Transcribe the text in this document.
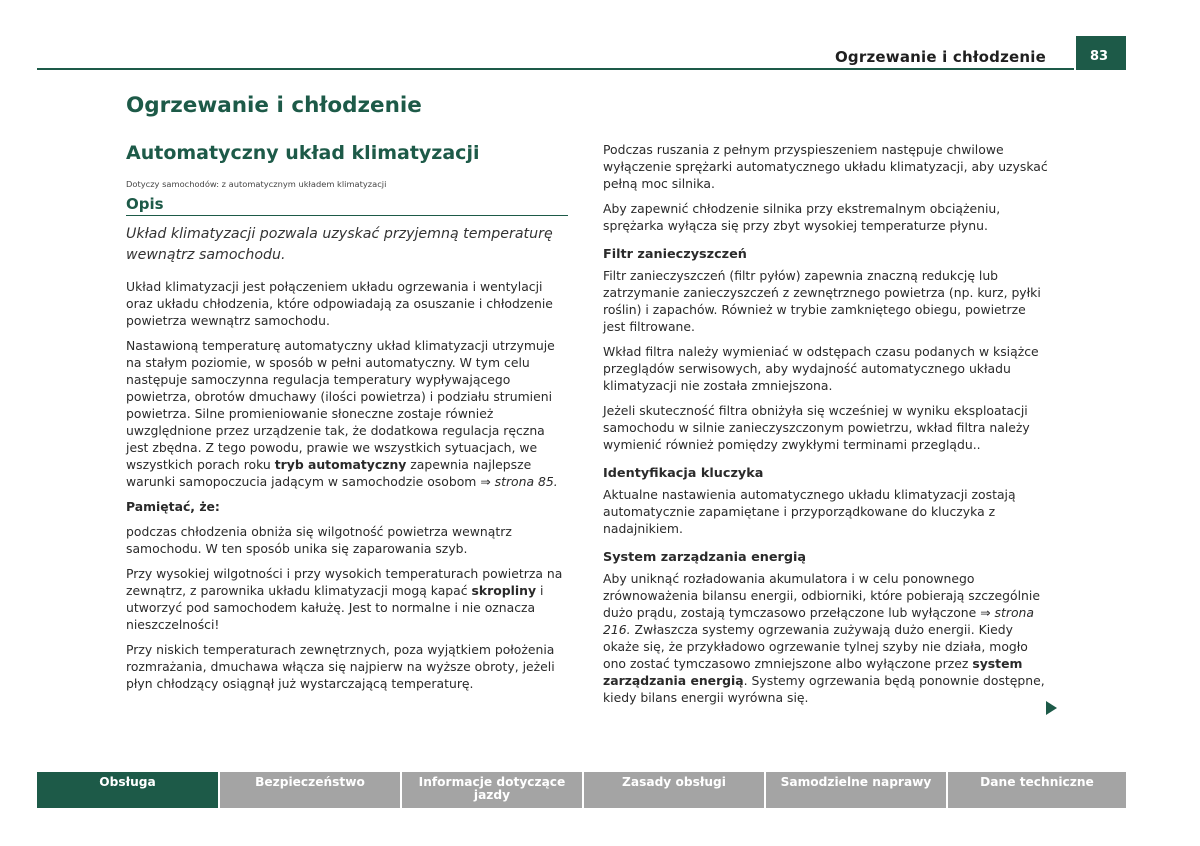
Ogrzewanie i chłodzenie	83
Ogrzewanie i chłodzenie
Automatyczny układ klimatyzacji
Dotyczy samochodów: z automatycznym układem klimatyzacji
Opis

Układ klimatyzacji pozwala uzyskać przyjemną temperaturę wewnątrz samochodu.

Układ klimatyzacji jest połączeniem układu ogrzewania i wentylacji oraz układu chłodzenia, które odpowiadają za osuszanie i chłodzenie powietrza wewnątrz samochodu.

Nastawioną temperaturę automatyczny układ klimatyzacji utrzymuje na stałym poziomie, w sposób w pełni automatyczny. W tym celu następuje samoczynna regulacja temperatury wypływającego powietrza, obrotów dmuchawy (ilości powietrza) i podziału strumieni powietrza. Silne promieniowanie słoneczne zostaje również uwzględnione przez urządzenie tak, że dodatkowa regulacja ręczna jest zbędna. Z tego powodu, prawie we wszystkich sytuacjach, we wszystkich porach roku tryb automatyczny zapewnia najlepsze warunki samopoczucia jadącym w samochodzie osobom ⇒ strona 85.

Pamiętać, że:

podczas chłodzenia obniża się wilgotność powietrza wewnątrz samochodu. W ten sposób unika się zaparowania szyb.

Przy wysokiej wilgotności i przy wysokich temperaturach powietrza na zewnątrz, z parownika układu klimatyzacji mogą kapać skropliny i utworzyć pod samochodem kałużę. Jest to normalne i nie oznacza nieszczelności!

Przy niskich temperaturach zewnętrznych, poza wyjątkiem położenia rozmrażania, dmuchawa włącza się najpierw na wyższe obroty, jeżeli płyn chłodzący osiągnął już wystarczającą temperaturę.

Podczas ruszania z pełnym przyspieszeniem następuje chwilowe wyłączenie sprężarki automatycznego układu klimatyzacji, aby uzyskać pełną moc silnika.

Aby zapewnić chłodzenie silnika przy ekstremalnym obciążeniu, sprężarka wyłącza się przy zbyt wysokiej temperaturze płynu.

Filtr zanieczyszczeń

Filtr zanieczyszczeń (filtr pyłów) zapewnia znaczną redukcję lub zatrzymanie zanieczyszczeń z zewnętrznego powietrza (np. kurz, pyłki roślin) i zapachów. Również w trybie zamkniętego obiegu, powietrze jest filtrowane.

Wkład filtra należy wymieniać w odstępach czasu podanych w książce przeglądów serwisowych, aby wydajność automatycznego układu klimatyzacji nie została zmniejszona.

Jeżeli skuteczność filtra obniżyła się wcześniej w wyniku eksploatacji samochodu w silnie zanieczyszczonym powietrzu, wkład filtra należy wymienić również pomiędzy zwykłymi terminami przeglądu..

Identyfikacja kluczyka

Aktualne nastawienia automatycznego układu klimatyzacji zostają automatycznie zapamiętane i przyporządkowane do kluczyka z nadajnikiem.

System zarządzania energią

Aby uniknąć rozładowania akumulatora i w celu ponownego zrównoważenia bilansu energii, odbiorniki, które pobierają szczególnie dużo prądu, zostają tymczasowo przełączone lub wyłączone ⇒ strona 216. Zwłaszcza systemy ogrzewania zużywają dużo energii. Kiedy okaże się, że przykładowo ogrzewanie tylnej szyby nie działa, mogło ono zostać tymczasowo zmniejszone albo wyłączone przez system zarządzania energią. Systemy ogrzewania będą ponownie dostępne, kiedy bilans energii wyrówna się.

Obsługa	Bezpieczeństwo	Informacje dotyczące jazdy
Zasady obsługi	Samodzielne naprawy	Dane techniczne
